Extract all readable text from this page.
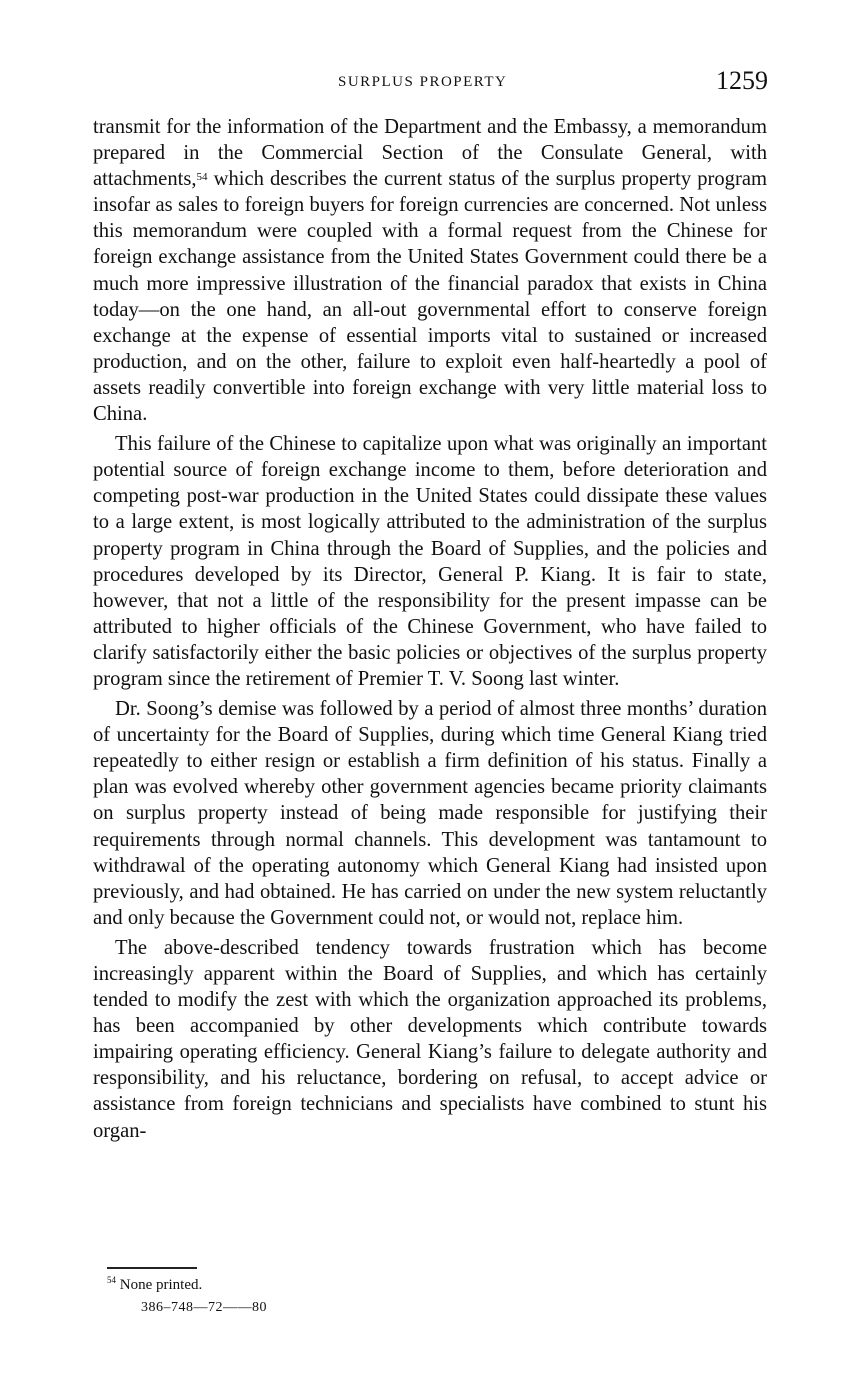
SURPLUS PROPERTY	1259

transmit for the information of the Department and the Embassy, a memorandum prepared in the Commercial Section of the Consulate General, with attachments,$^{54}$ which describes the current status of the surplus property program insofar as sales to foreign buyers for foreign currencies are concerned. Not unless this memorandum were coupled with a formal request from the Chinese for foreign exchange assistance from the United States Government could there be a much more impressive illustration of the financial paradox that exists in China today—on the one hand, an all-out governmental effort to conserve foreign exchange at the expense of essential imports vital to sustained or increased production, and on the other, failure to exploit even half-heartedly a pool of assets readily convertible into foreign exchange with very little material loss to China.

This failure of the Chinese to capitalize upon what was originally an important potential source of foreign exchange income to them, before deterioration and competing post-war production in the United States could dissipate these values to a large extent, is most logically attributed to the administration of the surplus property program in China through the Board of Supplies, and the policies and procedures developed by its Director, General P. Kiang. It is fair to state, however, that not a little of the responsibility for the present impasse can be attributed to higher officials of the Chinese Government, who have failed to clarify satisfactorily either the basic policies or objectives of the surplus property program since the retirement of Premier T. V. Soong last winter.

Dr. Soong’s demise was followed by a period of almost three months’ duration of uncertainty for the Board of Supplies, during which time General Kiang tried repeatedly to either resign or establish a firm definition of his status. Finally a plan was evolved whereby other government agencies became priority claimants on surplus property instead of being made responsible for justifying their requirements through normal channels. This development was tantamount to withdrawal of the operating autonomy which General Kiang had insisted upon previously, and had obtained. He has carried on under the new system reluctantly and only because the Government could not, or would not, replace him.

The above-described tendency towards frustration which has become increasingly apparent within the Board of Supplies, and which has certainly tended to modify the zest with which the organization approached its problems, has been accompanied by other developments which contribute towards impairing operating efficiency. General Kiang’s failure to delegate authority and responsibility, and his reluctance, bordering on refusal, to accept advice or assistance from foreign technicians and specialists have combined to stunt his organ-

$^{54}$ None printed.
386–748—72——80
